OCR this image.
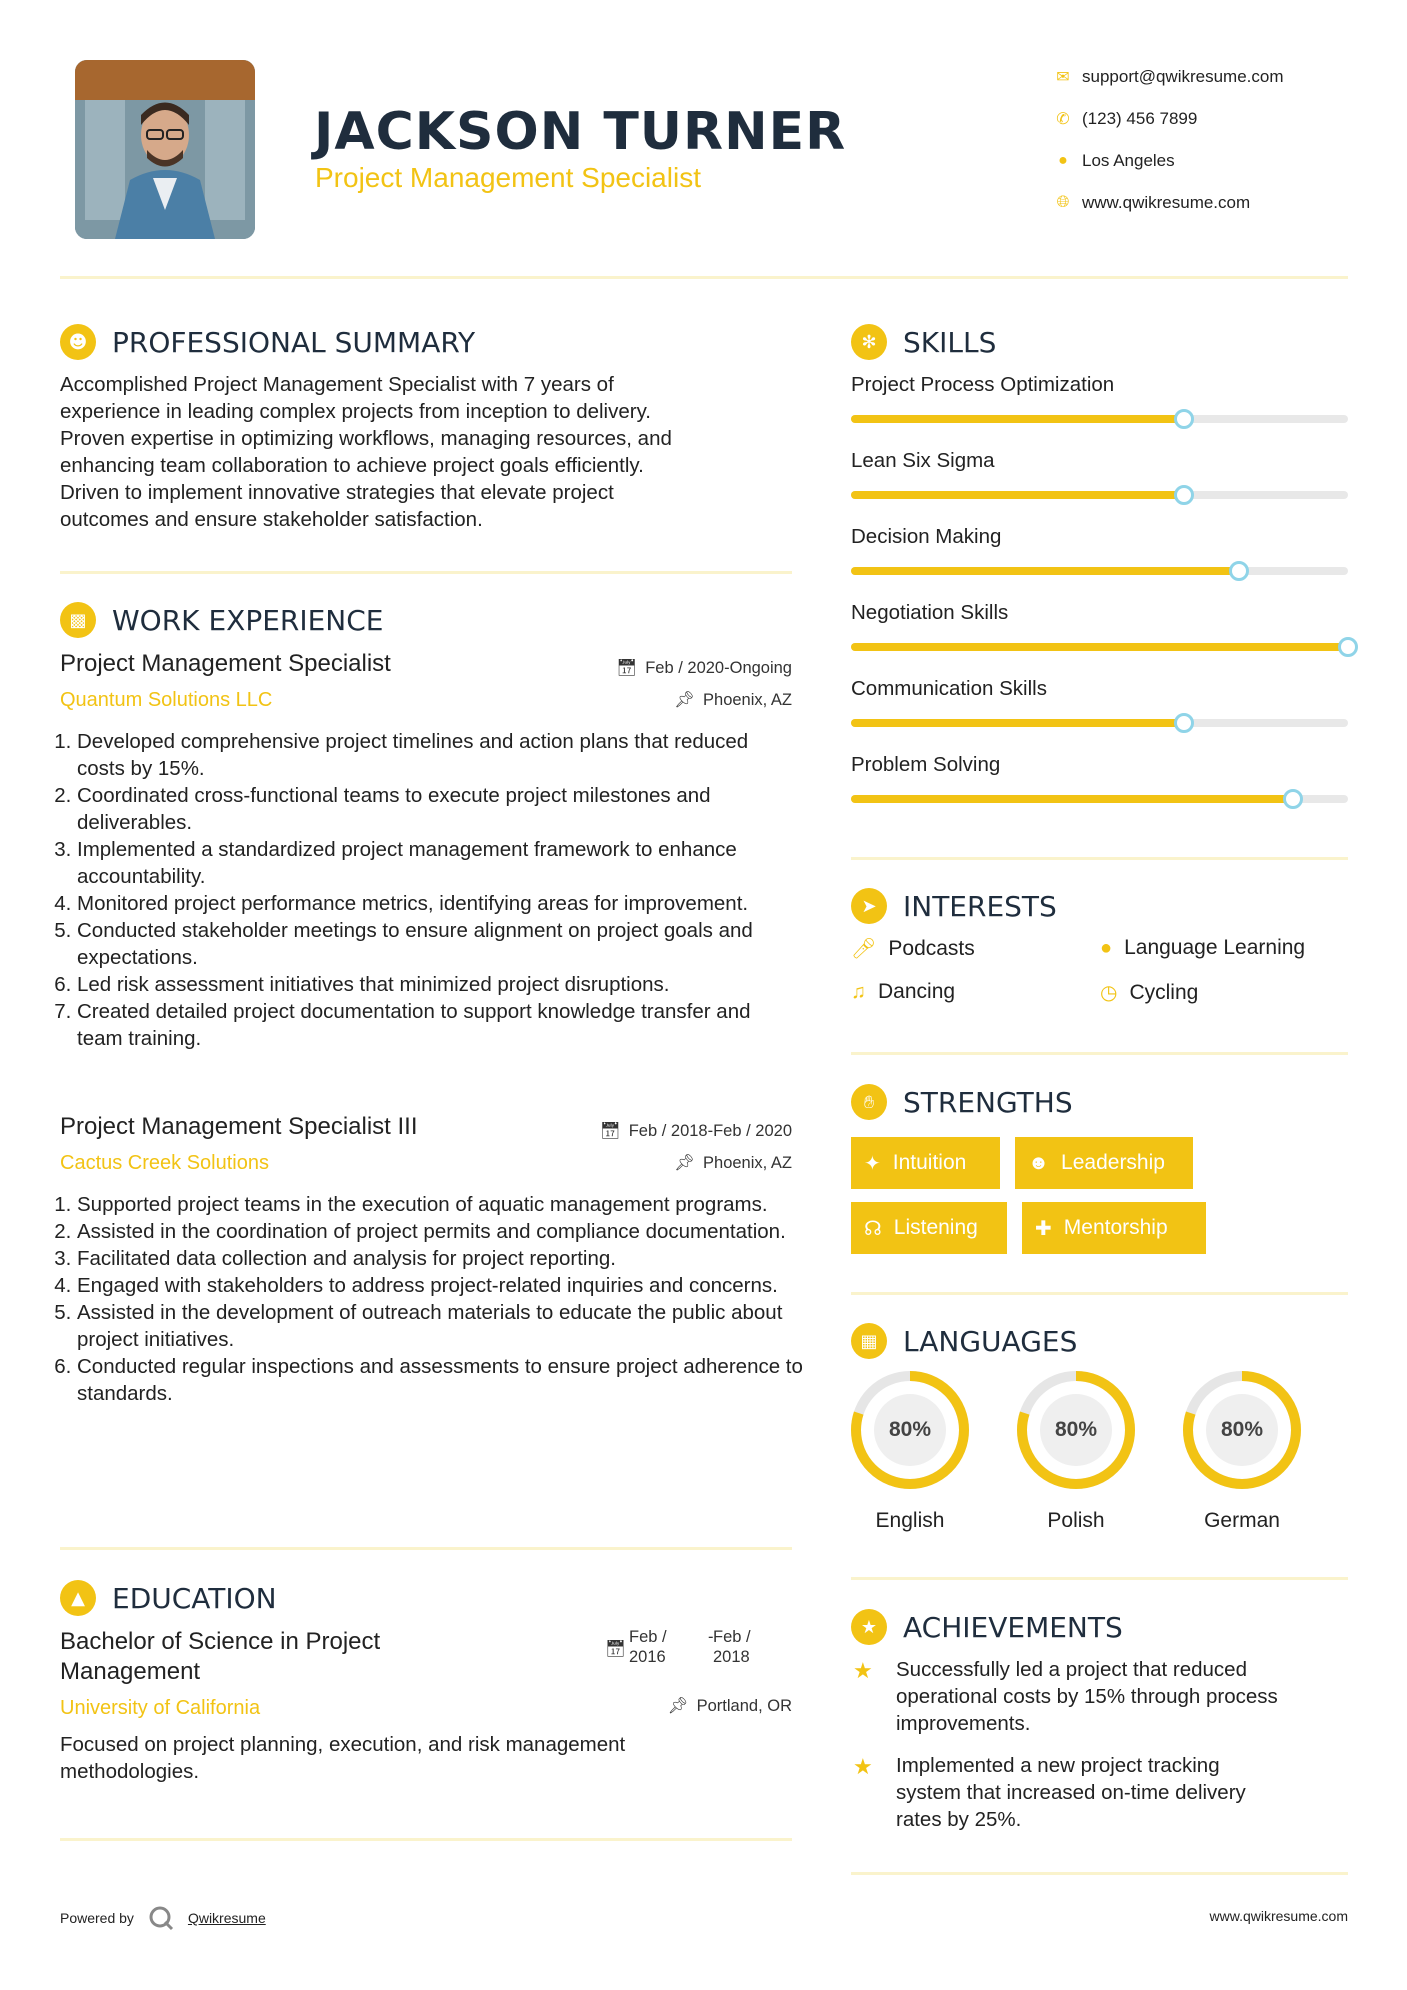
JACKSON TURNER
Project Management Specialist
✉ support@qwikresume.com
✆ (123) 456 7899
● Los Angeles
🌐︎ www.qwikresume.com
☻ PROFESSIONAL SUMMARY
Accomplished Project Management Specialist with 7 years of
experience in leading complex projects from inception to delivery.
Proven expertise in optimizing workflows, managing resources, and
enhancing team collaboration to achieve project goals efficiently.
Driven to implement innovative strategies that elevate project
outcomes and ensure stakeholder satisfaction.
▩ WORK EXPERIENCE
Project Management Specialist
Quantum Solutions LLC
📅︎ Feb / 2020-Ongoing
📌︎ Phoenix, AZ
1. Developed comprehensive project timelines and action plans that reduced costs by 15%.
2. Coordinated cross-functional teams to execute project milestones and deliverables.
3. Implemented a standardized project management framework to enhance accountability.
4. Monitored project performance metrics, identifying areas for improvement.
5. Conducted stakeholder meetings to ensure alignment on project goals and expectations.
6. Led risk assessment initiatives that minimized project disruptions.
7. Created detailed project documentation to support knowledge transfer and team training.
Project Management Specialist III
Cactus Creek Solutions
📅︎ Feb / 2018-Feb / 2020
📌︎ Phoenix, AZ
1. Supported project teams in the execution of aquatic management programs.
2. Assisted in the coordination of project permits and compliance documentation.
3. Facilitated data collection and analysis for project reporting.
4. Engaged with stakeholders to address project-related inquiries and concerns.
5. Assisted in the development of outreach materials to educate the public about project initiatives.
6. Conducted regular inspections and assessments to ensure project adherence to standards.
▲ EDUCATION
Bachelor of Science in Project
Management
University of California
📅︎
Feb /
2016
- Feb /
2018
📌︎ Portland, OR
Focused on project planning, execution, and risk management
methodologies.
✻ SKILLS
Project Process Optimization
Lean Six Sigma
Decision Making
Negotiation Skills
Communication Skills
Problem Solving
➤ INTERESTS
🎤︎ Podcasts	● Language Learning
♫ Dancing	◷ Cycling
✋︎	STRENGTHS
✦ Intuition	☻ Leadership
☊ Listening	✚ Mentorship
▦ LANGUAGES
80%
English
80%
Polish
80%
German
★ ACHIEVEMENTS
★ Successfully led a project that reduced
operational costs by 15% through process
improvements.
★ Implemented a new project tracking
system that increased on-time delivery
rates by 25%.
Powered by	Qwikresume	www.qwikresume.com
